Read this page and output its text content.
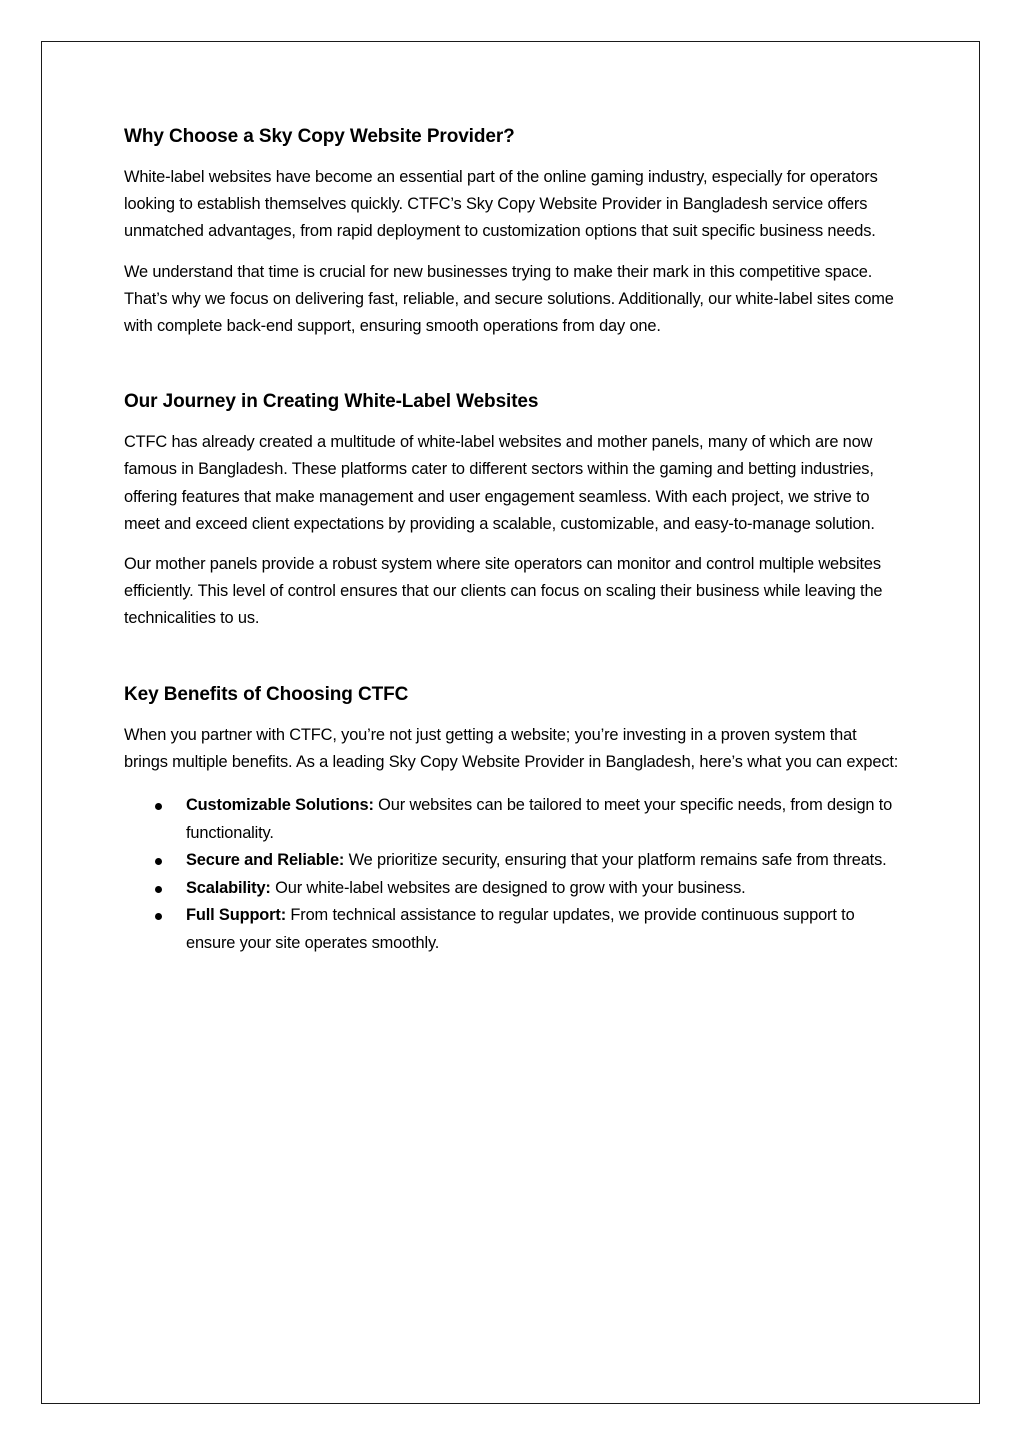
Why Choose a Sky Copy Website Provider?

White-label websites have become an essential part of the online gaming industry, especially for operators looking to establish themselves quickly. CTFC’s Sky Copy Website Provider in Bangladesh service offers unmatched advantages, from rapid deployment to customization options that suit specific business needs.

We understand that time is crucial for new businesses trying to make their mark in this competitive space. That’s why we focus on delivering fast, reliable, and secure solutions. Additionally, our white-label sites come with complete back-end support, ensuring smooth operations from day one.

Our Journey in Creating White-Label Websites

CTFC has already created a multitude of white-label websites and mother panels, many of which are now famous in Bangladesh. These platforms cater to different sectors within the gaming and betting industries, offering features that make management and user engagement seamless. With each project, we strive to meet and exceed client expectations by providing a scalable, customizable, and easy-to-manage solution.

Our mother panels provide a robust system where site operators can monitor and control multiple websites efficiently. This level of control ensures that our clients can focus on scaling their business while leaving the technicalities to us.

Key Benefits of Choosing CTFC

When you partner with CTFC, you’re not just getting a website; you’re investing in a proven system that brings multiple benefits. As a leading Sky Copy Website Provider in Bangladesh, here’s what you can expect:

Customizable Solutions: Our websites can be tailored to meet your specific needs, from design to functionality.
Secure and Reliable: We prioritize security, ensuring that your platform remains safe from threats.
Scalability: Our white-label websites are designed to grow with your business.
Full Support: From technical assistance to regular updates, we provide continuous support to ensure your site operates smoothly.
